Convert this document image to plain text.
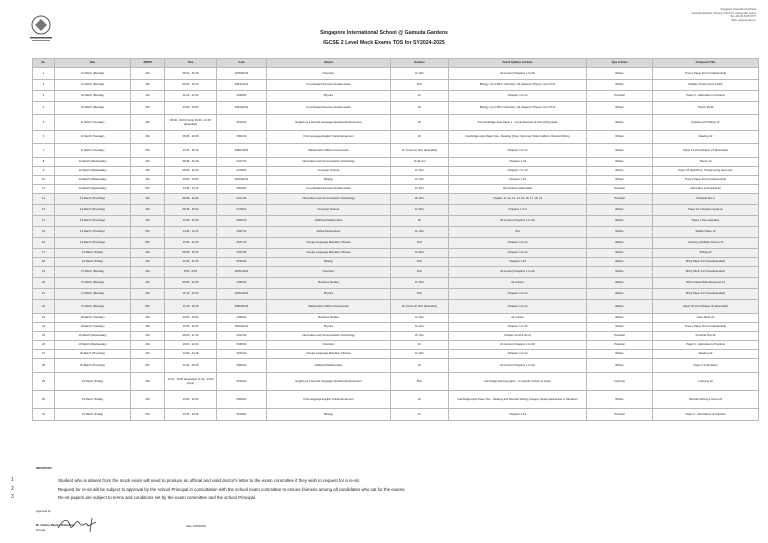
Singapore International School
Gamuda Gardens, Phuong Tran Phu, Hoang Mai, Hanoi
Tel: +84 24 7105 5777
Web: www.sis.edu.vn
Singapore International School @ Gamuda Gardens
IGCSE 2 Level Mock Exams TOS for SY2024-2025
No.	Date	AM/PM	Time	Code	Subject	Duration	Tested Syllabus Contents	Type of Exam	Component Title
1	10 March (Monday)	AM	08:30 - 10:15	0625/52/42	Chemistry	1h 15m	All content (Chapters 1 to 22)	Written	Theory Paper 4/4 (Core/Extended)
2	10 March (Monday)	AM	09:25 - 10:10	0654/12/22	Co-ordinated Sciences Double Award	45m	Biology: Up to B13; Chemistry: All chapters; Physics: Up to P14	Written	Multiple Choice (Core 12/22)
3	10 March (Monday)	AM	11:00 - 12:30	0625/63	Physics	1h	Chapters 1 to 24	Practical	Paper 6 - Alternative to Practical
4	10 March (Monday)	PM	13:00 - 15:00	0654/32/42	Co-ordinated Sciences Double Award	2h	Biology: Up to B13; Chemistry: All chapters; Physics: Up to P14	Written	Theory 32/42
5	11 March (Tuesday)	AM	08:30 - 09:15 (Core) 09:30 - 10:45 (Extended)	0510/12	English as a Second Language Speaking Endorsement	2h	Full Cambridge-style Paper 1 - Comprehension & Two writing tasks	Written	Reading and Writing 12
6	11 March (Tuesday)	AM	08:45 - 10:45	0500/13	First Language English Oral Endorsement	2h	Cambridge-style Paper One - Reading (Q1a), Summary Writer's Effect, Directed Writing	Written	Reading 13
7	11 March (Tuesday)	PM	13:15 - 15:15	0580/13/23	Mathematics Without Coursework	1h (Core) 1h 30m (Extended)	Chapters 1 to 24	Written	Paper 13 (Core)/Paper 23 (Extended)
8	12 March (Wednesday)	AM	08:45 - 10:15	0417/13	Information and Communication Technology	1h 30 mm	Chapters 1-21	Written	Theory 12
9	12 March (Wednesday)	AM	08:45 - 10:30	0478/22	Computer Science	1h 45m	Chapters 7 to 10	Written	Paper 2b Algorithms, Programming and Logic
10	12 March (Wednesday)	AM	10:00 - 14:30	0610/32/42	Biology	1h 15m	Chapters 1-19	Written	Theory Paper 4/4 (Core/Extended)
11	12 March (Wednesday)	PM	13:45 - 14:15	0654/62	Co-ordinated Sciences Double Award	1h 30m	All practical related skills	Practical	Alternative to Practical 62
12	13 March (Thursday)	AM	08:45 - 10:30	0417/22	Information and Communication Technology	2h 15m	Chapter 11, 12, 13, 14, 15, 16, 17, 18, 19	Practical	Practical Test 2
13	13 March (Thursday)	AM	08:45 - 10:30	0478/12	Computer Science	1h 45m	Chapters 1 to 6	Written	Paper 1b Computer Systems
14	13 March (Thursday)	AM	12:45 - 14:15	0606/12	Additional Mathematics	2h	All content (Chapters 1 to 10)	Written	Paper 1 Non-calculator
15	13 March (Thursday)	PM	13:45 - 14:15	0457/12	Global Perspectives	1h 15m	N/A	Written	Written Paper 12
16	13 March (Thursday)	PM	13:30 - 14:15	0547/12	Foreign Language Mandarin Chinese	45m	Chapters 1 to 24	Written	Listening (Multiple Choice) 12
17	14 March (Friday)	AM	08:45 - 10:15	0547/32	Foreign Language Mandarin Chinese	1h 30m	Chapters 1 to 24	Written	Writing 42
18	14 March (Friday)	AM	10:45 - 12:15	0610/12	Biology	45m	Chapters 1-19	Written	MCQ Paper 1/2 (Core/Extended)
19	17 March (Monday)	AM	8:00 - 8:45	0625/13/22	Chemistry	45m	All content (Chapters 1 to 22)	Written	MCQ Paper 1/2 (Core/Extended)
20	17 March (Monday)	AM	09:00 - 12:30	0450/12	Business Studies	1h 30m	All content	Written	Short Answer/Data Response 12
21	17 March (Monday)	AM	11:15 - 12:30	0625/12/22	Physics	45m	Chapters 1 to 24	Written	MCQ Paper 1/2 (Core/Extended)
22	17 March (Monday)	PM	12:15 - 15:15	0580/23/42	Mathematics Without Coursework	2h (Core) 2h 30m (Extended)	Chapters 1 to 24	Written	Paper 32 (Core)/Paper 42 (Extended)
23	18 March (Tuesday)	AM	10:00 - 12:00	0450/22	Business Studies	1h 30m	All content	Written	Case Study 22
24	18 March (Tuesday)	AM	10:45 - 12:00	0625/32/42	Physics	1h 15m	Chapters 1 to 25	Written	Theory Paper 3/4 (Core/Extended)
25	19 March (Wednesday)	AM	08:00 - 11:15	0417/32	Information and Communication Technology	2h 15m	Chapter 11-18 & 20-21	Practical	Practical Test 32
26	19 March (Wednesday)	AM	10:00 - 12:00	0625/62	Chemistry	1h	All content (Chapters 1 to 22)	Practical	Paper 6 - Alternative to Practical
27	20 March (Thursday)	AM	10:00 - 14:15	0547/22	Foreign Language Mandarin Chinese	1h 15m	Chapters 1 to 24	Written	Reading 22
28	20 March (Thursday)	PM	12:30 - 15:15	0606/22	Additional Mathematics	2h	All content (Chapters 1 to 16)	Written	Paper 2 (Calculator)
29	21 March (Friday)	AM	11:15 - 12:00 (Extended) 11:30 - 12:00 (Core)	0510/22	English as a Second Language Speaking Endorsement	50m	Cambridge listening paper - no specific content to revise	Listening	Listening 22
30	21 March (Friday)	AM	10:00 - 12:00	0500/23	First Language English Oral Endorsement	2h	Cambridge-style Paper Two - Reading and Directed Writing (Imagery, Essay Descriptive or Narrative)	Written	Directed Writing & Comp 23
31	21 March (Friday)	PM	13:15 - 14:15	0610/62	Biology	1h	Chapters 1-19	Practical	Paper 6 - Alternatives to Practical
IMPORTANT:
1	Student who is absent from the mock exam will need to produce an official and valid doctor's letter to the exam committee if they wish to request for a re-sit.
2	Request for re-sit will be subject to approval by the school Principal in consultation with the school exam committee to ensure fairness among all candidates who sat for the exams.
3	Re-sit papers are subject to terms and conditions set by the exam committee and the school Principal.
Approved by:
Mr. Charles Mbulelo Rotherford
Principal
Date: 12/03/2025
